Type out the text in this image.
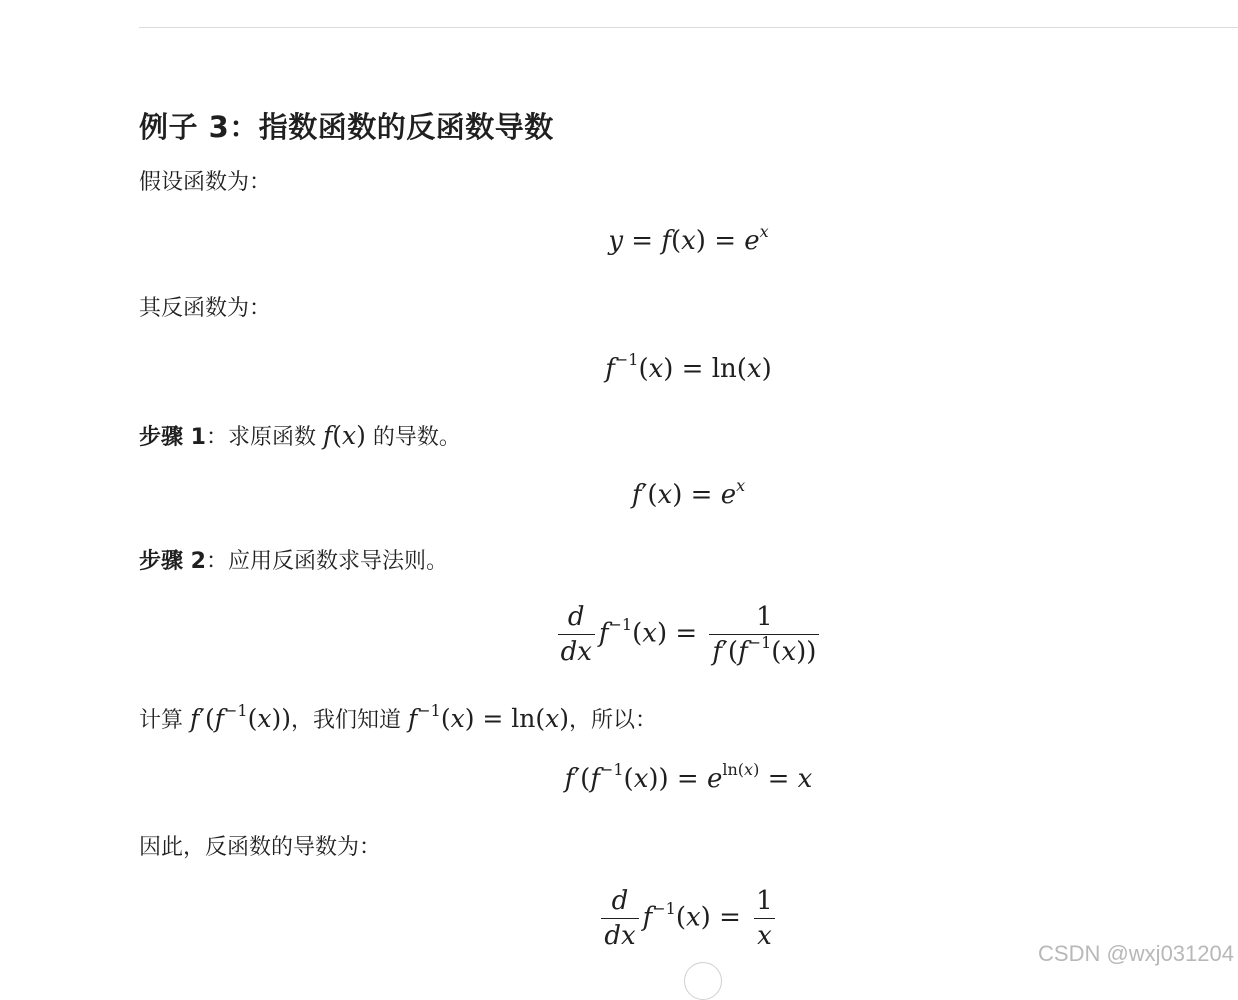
例子 3：指数函数的反函数导数
假设函数为：
$y = f(x) = e^x$
其反函数为：
$f^{-1}(x) = \ln(x)$
步骤 1：求原函数 f(x) 的导数。
$f'(x) = e^x$
步骤 2：应用反函数求导法则。
$\frac{d}{dx} f^{-1}(x) = \frac{1}{f'(f^{-1}(x))}$
计算 $f'(f^{-1}(x))$，我们知道 $f^{-1}(x) = \ln(x)$，所以：
$f'(f^{-1}(x)) = e^{ln(x)} = x$
因此，反函数的导数为：
$\frac{d}{dx} f^{-1}(x) = \frac{1}{x}$
CSDN @wxj031204
